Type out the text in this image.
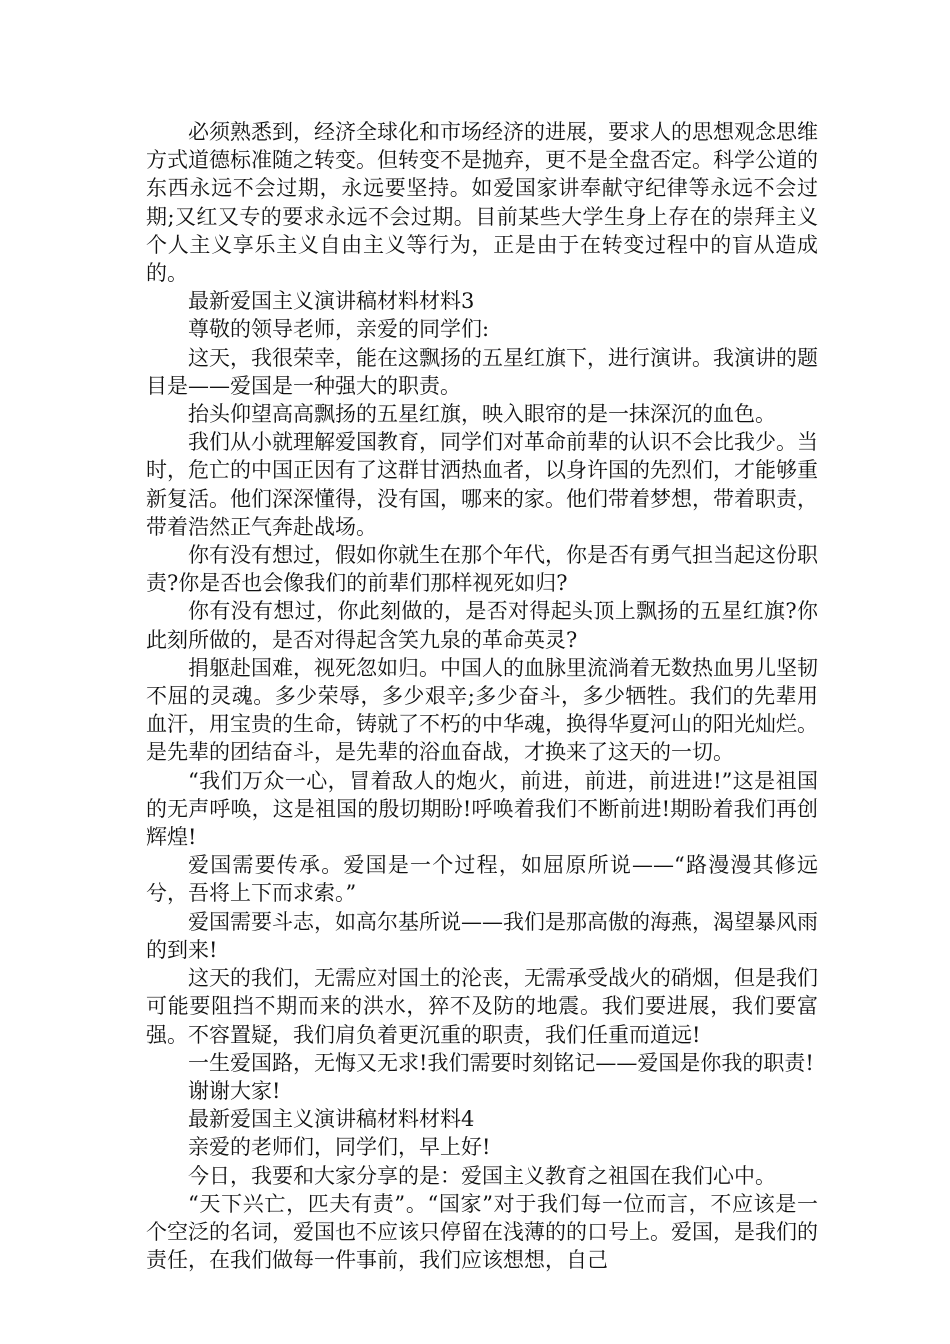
必须熟悉到，经济全球化和市场经济的进展，要求人的思想观念思维方式道德标准随之转变。但转变不是抛弃，更不是全盘否定。科学公道的东西永远不会过期，永远要坚持。如爱国家讲奉献守纪律等永远不会过期;又红又专的要求永远不会过期。目前某些大学生身上存在的崇拜主义个人主义享乐主义自由主义等行为，正是由于在转变过程中的盲从造成的。

最新爱国主义演讲稿材料材料3

尊敬的领导老师，亲爱的同学们:

这天，我很荣幸，能在这飘扬的五星红旗下，进行演讲。我演讲的题目是——爱国是一种强大的职责。

抬头仰望高高飘扬的五星红旗，映入眼帘的是一抹深沉的血色。

我们从小就理解爱国教育，同学们对革命前辈的认识不会比我少。当时，危亡的中国正因有了这群甘洒热血者，以身许国的先烈们，才能够重新复活。他们深深懂得，没有国，哪来的家。他们带着梦想，带着职责，带着浩然正气奔赴战场。

你有没有想过，假如你就生在那个年代，你是否有勇气担当起这份职责?你是否也会像我们的前辈们那样视死如归?

你有没有想过，你此刻做的，是否对得起头顶上飘扬的五星红旗?你此刻所做的，是否对得起含笑九泉的革命英灵?

捐躯赴国难，视死忽如归。中国人的血脉里流淌着无数热血男儿坚韧不屈的灵魂。多少荣辱，多少艰辛;多少奋斗，多少牺牲。我们的先辈用血汗，用宝贵的生命，铸就了不朽的中华魂，换得华夏河山的阳光灿烂。是先辈的团结奋斗，是先辈的浴血奋战，才换来了这天的一切。

“我们万众一心，冒着敌人的炮火，前进，前进，前进进!”这是祖国的无声呼唤，这是祖国的殷切期盼!呼唤着我们不断前进!期盼着我们再创辉煌!

爱国需要传承。爱国是一个过程，如屈原所说——“路漫漫其修远兮，吾将上下而求索。”

爱国需要斗志，如高尔基所说——我们是那高傲的海燕，渴望暴风雨的到来!

这天的我们，无需应对国土的沦丧，无需承受战火的硝烟，但是我们可能要阻挡不期而来的洪水，猝不及防的地震。我们要进展，我们要富强。不容置疑，我们肩负着更沉重的职责，我们任重而道远!

一生爱国路，无悔又无求!我们需要时刻铭记——爱国是你我的职责!

谢谢大家!

最新爱国主义演讲稿材料材料4

亲爱的老师们，同学们，早上好!

今日，我要和大家分享的是：爱国主义教育之祖国在我们心中。

“天下兴亡，匹夫有责”。“国家”对于我们每一位而言，不应该是一个空泛的名词，爱国也不应该只停留在浅薄的的口号上。爱国，是我们的责任，在我们做每一件事前，我们应该想想，自己
